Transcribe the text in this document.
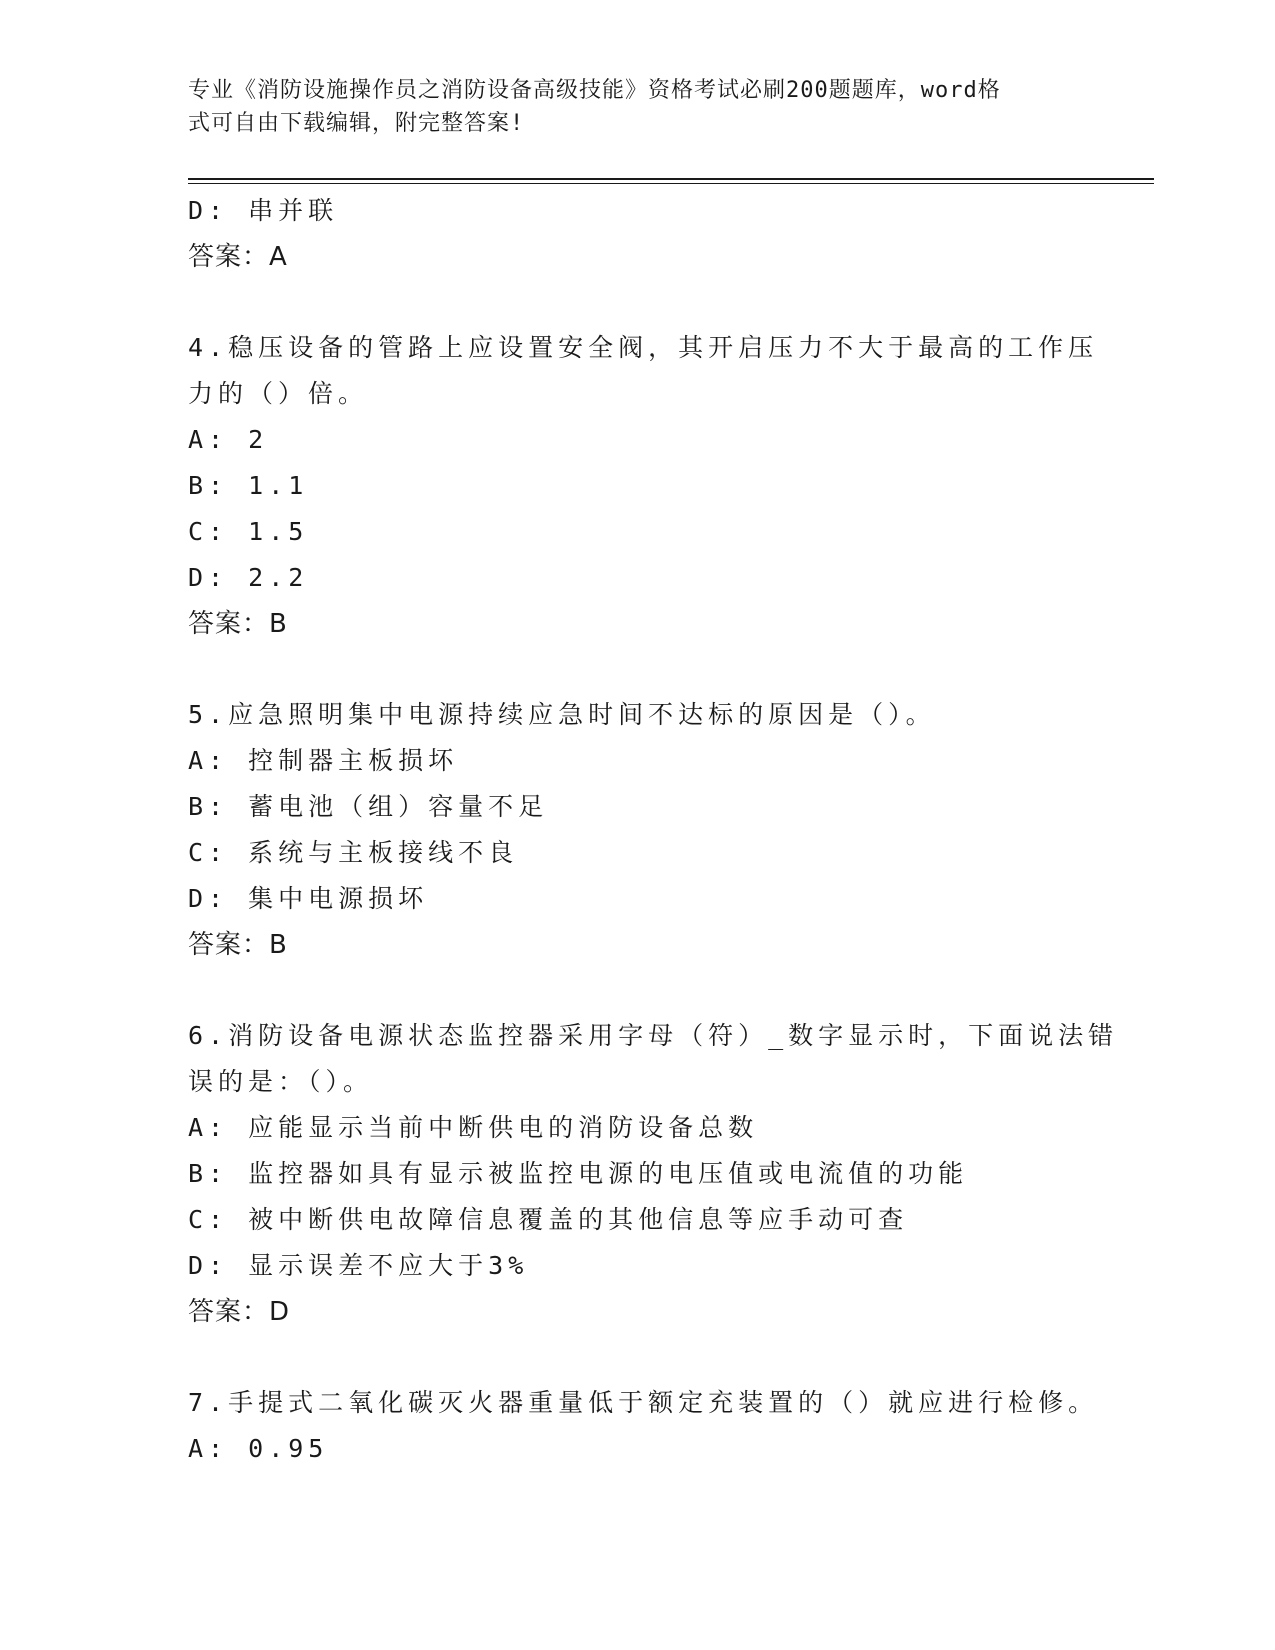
专业《消防设施操作员之消防设备高级技能》资格考试必刷200题题库，word格
式可自由下载编辑，附完整答案!
D: 串并联
答案：A
4.稳压设备的管路上应设置安全阀，其开启压力不大于最高的工作压
力的（）倍。
A: 2
B: 1.1
C: 1.5
D: 2.2
答案：B
5.应急照明集中电源持续应急时间不达标的原因是（）。
A: 控制器主板损坏
B: 蓄电池（组）容量不足
C: 系统与主板接线不良
D: 集中电源损坏
答案：B
6.消防设备电源状态监控器采用字母（符）_数字显示时，下面说法错
误的是：（）。
A: 应能显示当前中断供电的消防设备总数
B: 监控器如具有显示被监控电源的电压值或电流值的功能
C: 被中断供电故障信息覆盖的其他信息等应手动可查
D: 显示误差不应大于3%
答案：D
7.手提式二氧化碳灭火器重量低于额定充装置的（）就应进行检修。
A: 0.95
